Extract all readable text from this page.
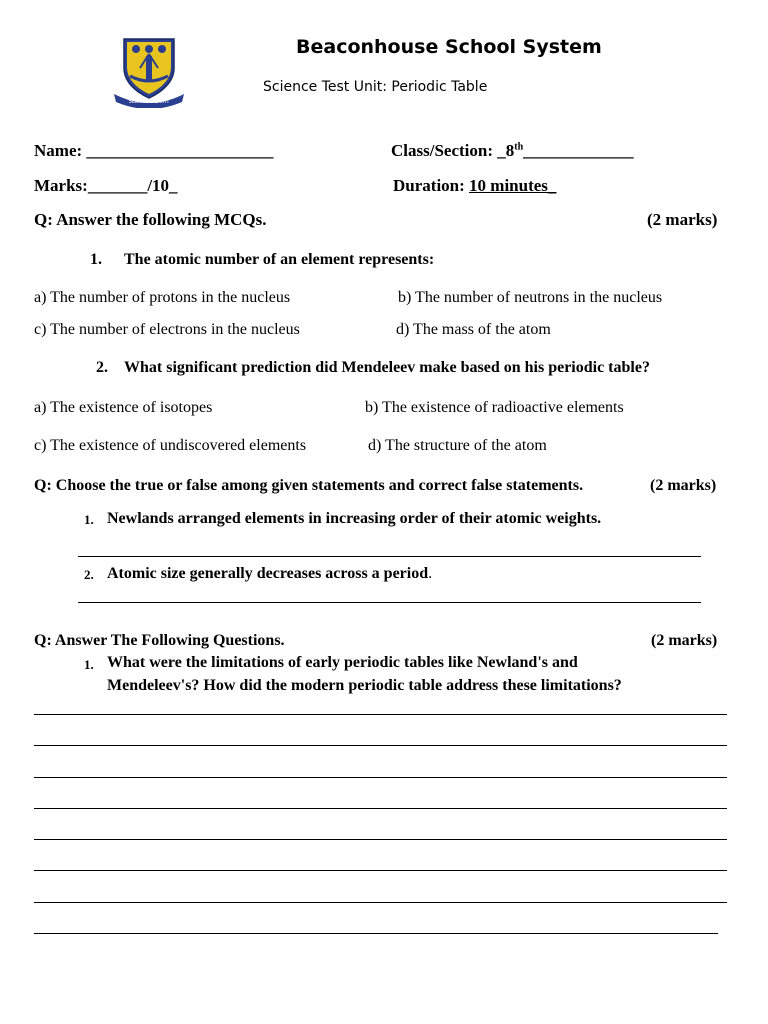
SEEK THE LIGHT
Beaconhouse School System
Science Test Unit: Periodic Table
Name: ______________________	Class/Section: _8th_____________
Marks:_______/10_	Duration: 10 minutes_
Q: Answer the following MCQs.	(2 marks)
1. The atomic number of an element represents:
a) The number of protons in the nucleus	b) The number of neutrons in the nucleus
c) The number of electrons in the nucleus	d) The mass of the atom
2. What significant prediction did Mendeleev make based on his periodic table?
a) The existence of isotopes	b) The existence of radioactive elements
c) The existence of undiscovered elements	d) The structure of the atom
Q: Choose the true or false among given statements and correct false statements.	(2 marks)
1. Newlands arranged elements in increasing order of their atomic weights.
2. Atomic size generally decreases across a period.
Q: Answer The Following Questions.	(2 marks)
1. What were the limitations of early periodic tables like Newland's and
Mendeleev's? How did the modern periodic table address these limitations?
